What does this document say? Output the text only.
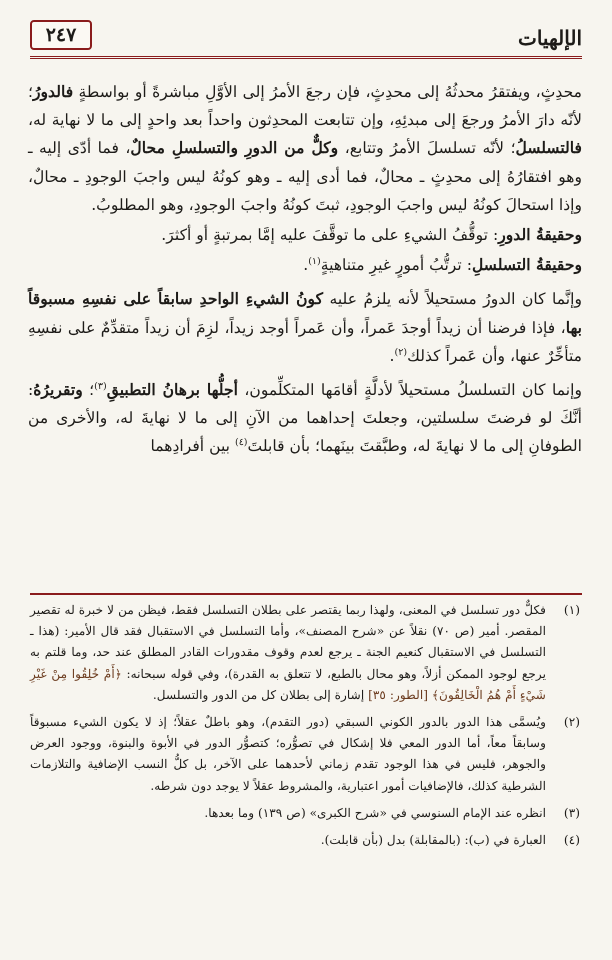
الإلهيات
٢٤٧

محدِثٍ، ويفتقرُ محدثُهُ إلى محدِثٍ، فإن رجعَ الأمرُ إلى الأوَّلِ مباشرةً أو بواسطةٍ فالدورُ؛ لأنّه دارَ الأمرُ ورجعَ إلى مبدئِهِ، وإن تتابعت المحدِثون واحداً بعد واحدٍ إلى ما لا نهاية له، فالتسلسلُ؛ لأنّه تسلسلَ الأمرُ وتتابع، وكلٌّ من الدورِ والتسلسلِ محالٌ، فما أدّى إليه ـ وهو افتقارُهُ إلى محدِثٍ ـ محالٌ، فما أدى إليه ـ وهو كونُهُ ليس واجبَ الوجودِ ـ محالٌ، وإذا استحالَ كونُهُ ليس واجبَ الوجودِ، ثبتَ كونُهُ واجبَ الوجودِ، وهو المطلوبُ.

وحقيقةُ الدورِ: توقُّفُ الشيءِ على ما توقَّفَ عليه إمَّا بمرتبةٍ أو أكثرَ.

وحقيقةُ التسلسلِ: ترتُّبُ أمورٍ غيرِ متناهيةٍ$^{(١)}$.

وإنَّما كان الدورُ مستحيلاً لأنه يلزمُ عليه كونُ الشيءِ الواحدِ سابقاً على نفسِهِ مسبوقاً بها، فإذا فرضنا أن زيداً أوجدَ عَمراً، وأن عَمراً أوجد زيداً، لزِمَ أن زيداً متقدِّمٌ على نفسِهِ متأخِّرٌ عنها، وأن عَمراً كذلك$^{(٢)}$.

وإنما كان التسلسلُ مستحيلاً لأدلَّةٍ أقامَها المتكلِّمون، أجلُّها برهانُ التطبيقِ$^{(٣)}$؛ وتقريرُهُ: أنَّكَ لو فرضتَ سلسلتين، وجعلتَ إحداهما من الآنِ إلى ما لا نهايةَ له، والأخرى من الطوفانِ إلى ما لا نهايةَ له، وطبَّقتَ بينَهما؛ بأن قابلتَ$^{(٤)}$ بين أفرادِهما

(١)
فكلٌّ دور تسلسل في المعنى، ولهذا ربما يقتصر على بطلان التسلسل فقط، فيظن من لا خبرة له تقصير المقصر. أمير (ص ٧٠) نقلاً عن «شرح المصنف»، وأما التسلسل في الاستقبال فقد قال الأمير: (هذا ـ التسلسل في الاستقبال كنعيم الجنة ـ يرجع لعدم وقوف مقدورات القادر المطلق عند حد، وما قلتم به يرجع لوجود الممكن أزلاً، وهو محال بالطبع، لا تتعلق به القدرة)، وفي قوله سبحانه: ﴿أَمْ خُلِقُوا مِنْ غَيْرِ شَيْءٍ أَمْ هُمُ الْخَالِقُونَ﴾ [الطور: ٣٥] إشارة إلى بطلان كل من الدور والتسلسل.
(٢)
ويُسمَّى هذا الدور بالدور الكوني السبقي (دور التقدم)، وهو باطلٌ عقلاً؛ إذ لا يكون الشيء مسبوقاً وسابقاً معاً، أما الدور المعي فلا إشكال في تصوُّره؛ كتصوُّر الدور في الأبوة والبنوة، ووجود العرض والجوهر، فليس في هذا الوجود تقدم زماني لأحدهما على الآخر، بل كلُّ النسب الإضافية والتلازمات الشرطية كذلك، فالإضافيات أمور اعتبارية، والمشروط عقلاً لا يوجد دون شرطه.
(٣)
انظره عند الإمام السنوسي في «شرح الكبرى» (ص ١٣٩) وما بعدها.
(٤)
العبارة في (ب): (بالمقابلة) بدل (بأن قابلت).
